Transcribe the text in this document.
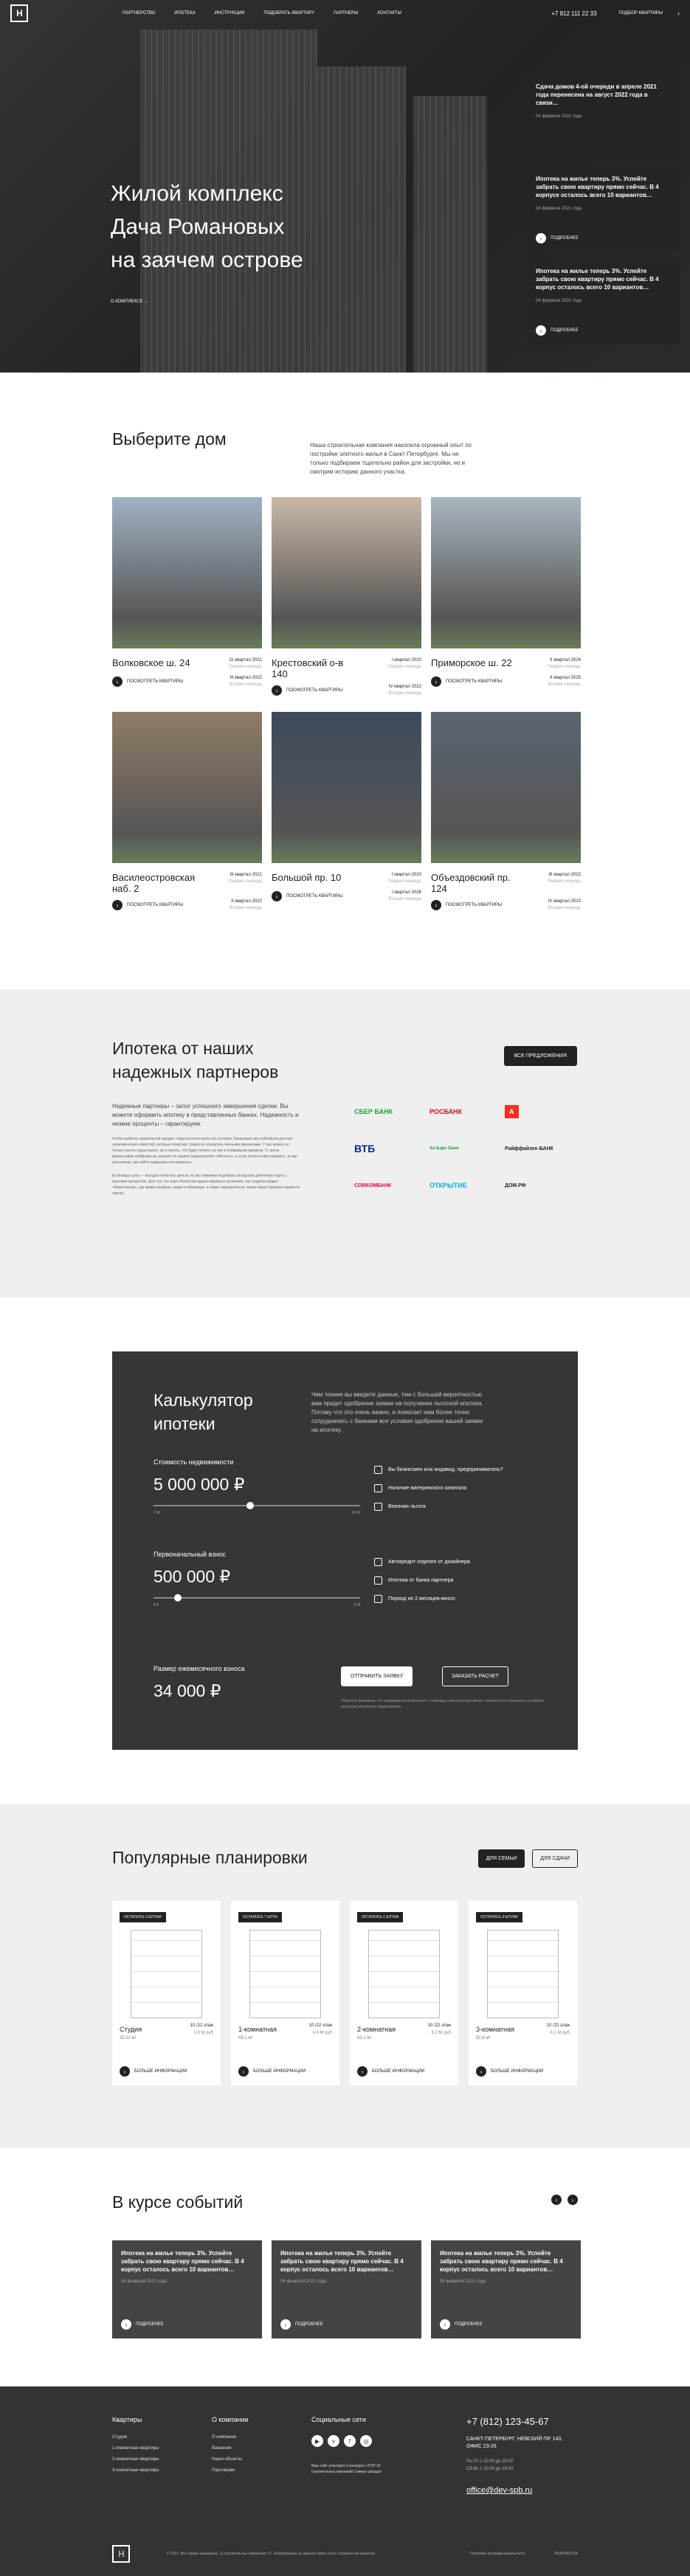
H	ПАРТНЕРСТВО	ИПОТЕКА	ИНСТРУКЦИИ	ПОДОБРАТЬ КВАРТИРУ	ПАРТНЕРЫ	КОНТАКТЫ	+7 812 111 22 33	ПОДБОР КВАРТИРЫ ›
Жилой комплекс
Дача Романовых
на заячем острове
О КОМПЛЕКСЕ →
Сдача домов 4-ой очереди в апреле 2021 года перенесена на август 2022 года в связи…
04 февраля 2021 года
Ипотека на жилье теперь 3%. Успейте забрать свою квартиру прямо сейчас. В 4 корпусе осталось всего 10 вариантов…
04 февраля 2021 года
›	ПОДРОБНЕЕ
Ипотека на жилье теперь 3%. Успейте забрать свою квартиру прямо сейчас. В 4 корпус осталось всего 10 вариантов…
04 февраля 2021 года
›	ПОДРОБНЕЕ
Выберите дом	Наша строительная компания накопила огромный опыт по постройке элитного жилья в Санкт-Петербурге. Мы не только подбираем тщательно район для застройки, но и смотрим историю данного участка.

Волковское ш. 24	11 квартал 2021
Первая очередь
›	ПОСМОТРЕТЬ КВАРТИРЫ
III квартал 2022
Вторая очередь
Крестовский о-в 140
I квартал 2020
Первая очередь
›	ПОСМОТРЕТЬ КВАРТИРЫ
IV квартал 2022
Вторая очередь
Приморское ш. 22	II квартал 2024
Первая очередь
›	ПОСМОТРЕТЬ КВАРТИРЫ
II квартал 2025
Вторая очередь
Василеостровская наб. 2
III квартал 2021
Первая очередь
›	ПОСМОТРЕТЬ КВАРТИРЫ
II квартал 2022
Вторая очередь
Большой пр. 10	I квартал 2020
Первая очередь
›	ПОСМОТРЕТЬ КВАРТИРЫ
I квартал 2026
Вторая очередь
Объездовский пр. 124
III квартал 2022
Первая очередь
›	ПОСМОТРЕТЬ КВАРТИРЫ
IV квартал 2023
Вторая очередь
Ипотека от наших надежных партнеров
ВСЕ ПРЕДЛОЖЕНИЯ

Надежные партнеры – залог успешного завершения сделки. Вы можете оформить ипотеку в представленных банках. Надежность и низкие проценты – гарантируем.

Чтобы выбрать правильный продукт, недостаточно знать его условия. Ежедневно мы публикуем десятки экономических новостей, которые помогают грамотно управлять личными финансами. У нас можно не только узнать курсы валют, но и понять, что будет влиять на них в ближайшем времени. О своем финансовом лайфхаке вы узнаете из нашего видеопроекта «Монеты», а если хотите инвестировать, то мы расскажем, где найти надежные инструменты.

Если вашу цену — выгодно оплатить деньги, то мы поможем подобрать вклад или дебетовую карту с высоким процентом. Для тех, кто ищет более выгодные варианты вложения, мы создали раздел «Инвестиции», где можно выбрать акции и облигации, а также определиться, через какого брокера привести сделку.

СБЕР БАНК	РОСБАНК	А
ВТБ	Ак Барс Банк	Райффайзен БАНК
СОВКОМБАНК	ОТКРЫТИЕ	ДОМ.РФ
Калькулятор ипотеки

Чем точнее вы введете данные, тем с большей вероятностью вам придет одобрение заявки на получение льготной ипотеки. Потому что это очень важно, и помогает нам более точно сотрудничать с банками все условия одобрения вашей заявки на ипотеку.

Стоимость недвижимости
5 000 000 ₽
1 М	10 М
Первоначальный взнос
500 000 ₽
0 ₽	5 М
Размер ежемесячного взноса
34 000 ₽
Вы бизнесмен или индивид. предприниматель?
Наличие материнского капитала
Военная льгота
Автокредит отделен от дизайнера
Ипотека от банка партнера
Период не 2 месяцев-много
ОТПРАВИТЬ ЗАЯВКУ	ЗАКАЗАТЬ РАСЧЕТ

Обратите внимание, что предварительный расчет с помощью калькулятора может отличаться от реальных условий и расходов ипотечного предложения.

Популярные планировки	ДЛЯ СЕМЬИ	ДЛЯ СДАЧИ
ОСТАЛОСЬ 3 ШТУКИ
Студия
32,12 м²
10 /22 этаж
3.9 М руб
›	БОЛЬШЕ ИНФОРМАЦИИ
ОСТАЛОСЬ 7 ШТУК
1-комнатная
43,1 м²
10 /22 этаж
4.8 М руб
›	БОЛЬШЕ ИНФОРМАЦИИ
ОСТАЛОСЬ 1 ШТУКА
2-комнатная
55,1 м²
10 /22 этаж
6.2 М руб
›	БОЛЬШЕ ИНФОРМАЦИИ
ОСТАЛОСЬ 3 ШТУКИ
3-комнатная
82,8 м²
10 /22 этаж
8.1 М руб
›	БОЛЬШЕ ИНФОРМАЦИИ
В курсе событий	‹	›
Ипотека на жилье теперь 3%. Успейте забрать свою квартиру прямо сейчас. В 4 корпус осталось всего 10 вариантов…
04 февраля 2021 года
›	ПОДРОБНЕЕ
Ипотека на жилье теперь 3%. Успейте забрать свою квартиру прямо сейчас. В 4 корпус осталось всего 10 вариантов…
04 февраля 2021 года
›	ПОДРОБНЕЕ
Ипотека на жилье теперь 3%. Успейте забрать свою квартиру прямо сейчас. В 4 корпус осталось всего 10 вариантов…
04 февраля 2021 года
›	ПОДРОБНЕЕ
Квартиры
Студии
1-комнатные квартиры
2-комнатные квартиры
3-комнатные квартиры
О компании
О компании
Вакансии
Наши объекты
Партнерам
Социальные сети
▶	v	f	◎
Ваш сайт участвует в конкурсе «ТОП-10 строительных компаний Северо-запада»
+7 (812) 123-45-67
САНКТ-ПЕТЕРБУРГ, НЕВСКИЙ ПР. 140, ОФИС 23-26
Пн-Пт с 10:00 до 20:00
Сб-Вс с 10:00 до 18:00
office@dev-spb.ru
H	© 2021. Все права защищены. О строительных компаниях ТГ. Информация на данном сайте носит справочный характер.	Политика конфиденциальности	РАЗРАБОТКА
